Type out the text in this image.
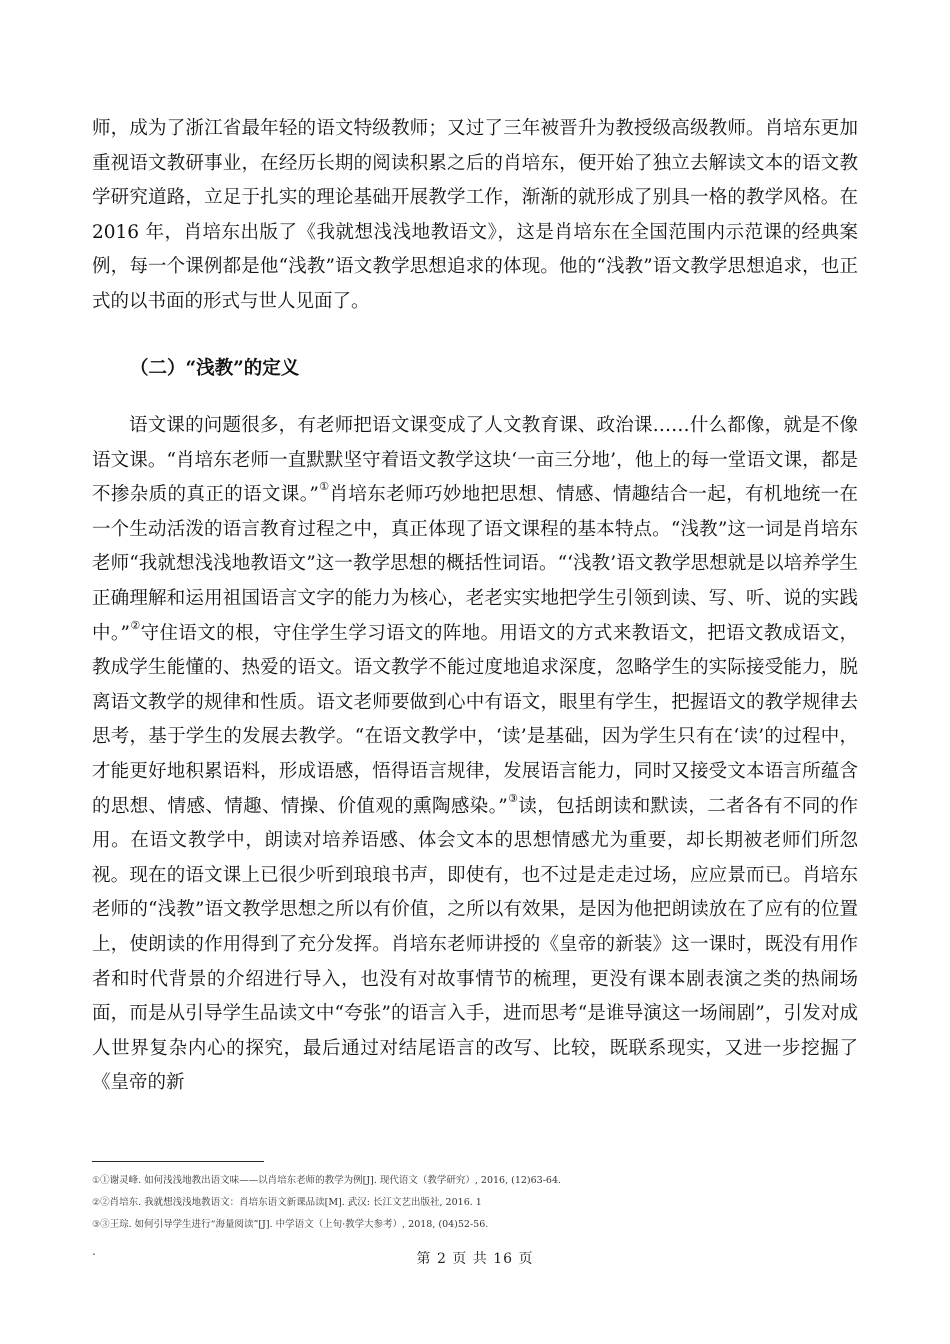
师，成为了浙江省最年轻的语文特级教师；又过了三年被晋升为教授级高级教师。肖培东更加重视语文教研事业，在经历长期的阅读积累之后的肖培东，便开始了独立去解读文本的语文教学研究道路，立足于扎实的理论基础开展教学工作，渐渐的就形成了别具一格的教学风格。在 2016 年，肖培东出版了《我就想浅浅地教语文》，这是肖培东在全国范围内示范课的经典案例，每一个课例都是他“浅教”语文教学思想追求的体现。他的“浅教”语文教学思想追求，也正式的以书面的形式与世人见面了。

（二）“浅教”的定义

语文课的问题很多，有老师把语文课变成了人文教育课、政治课……什么都像，就是不像语文课。“肖培东老师一直默默坚守着语文教学这块‘一亩三分地’，他上的每一堂语文课，都是不掺杂质的真正的语文课。”①肖培东老师巧妙地把思想、情感、情趣结合一起，有机地统一在一个生动活泼的语言教育过程之中，真正体现了语文课程的基本特点。“浅教”这一词是肖培东老师“我就想浅浅地教语文”这一教学思想的概括性词语。“‘浅教’语文教学思想就是以培养学生正确理解和运用祖国语言文字的能力为核心，老老实实地把学生引领到读、写、听、说的实践中。”②守住语文的根，守住学生学习语文的阵地。用语文的方式来教语文，把语文教成语文，教成学生能懂的、热爱的语文。语文教学不能过度地追求深度，忽略学生的实际接受能力，脱离语文教学的规律和性质。语文老师要做到心中有语文，眼里有学生，把握语文的教学规律去思考，基于学生的发展去教学。“在语文教学中，‘读’是基础，因为学生只有在‘读’的过程中，才能更好地积累语料，形成语感，悟得语言规律，发展语言能力，同时又接受文本语言所蕴含的思想、情感、情趣、情操、价值观的熏陶感染。”③读，包括朗读和默读，二者各有不同的作用。在语文教学中，朗读对培养语感、体会文本的思想情感尤为重要，却长期被老师们所忽视。现在的语文课上已很少听到琅琅书声，即使有，也不过是走走过场，应应景而已。肖培东老师的“浅教”语文教学思想之所以有价值，之所以有效果，是因为他把朗读放在了应有的位置上，使朗读的作用得到了充分发挥。肖培东老师讲授的《皇帝的新装》这一课时，既没有用作者和时代背景的介绍进行导入，也没有对故事情节的梳理，更没有课本剧表演之类的热闹场面，而是从引导学生品读文中“夸张”的语言入手，进而思考“是谁导演这一场闹剧”，引发对成人世界复杂内心的探究，最后通过对结尾语言的改写、比较，既联系现实，又进一步挖掘了《皇帝的新

①①谢灵峰. 如何浅浅地教出语文味——以肖培东老师的教学为例[J]. 现代语文（教学研究）, 2016, (12)63-64.
②②肖培东. 我就想浅浅地教语文：肖培东语文新课品读[M]. 武汉: 长江文艺出版社, 2016. 1
③③王琮. 如何引导学生进行“海量阅读”[J]. 中学语文（上旬·教学大参考）, 2018, (04)52-56.
.	第 2 页 共 16 页
